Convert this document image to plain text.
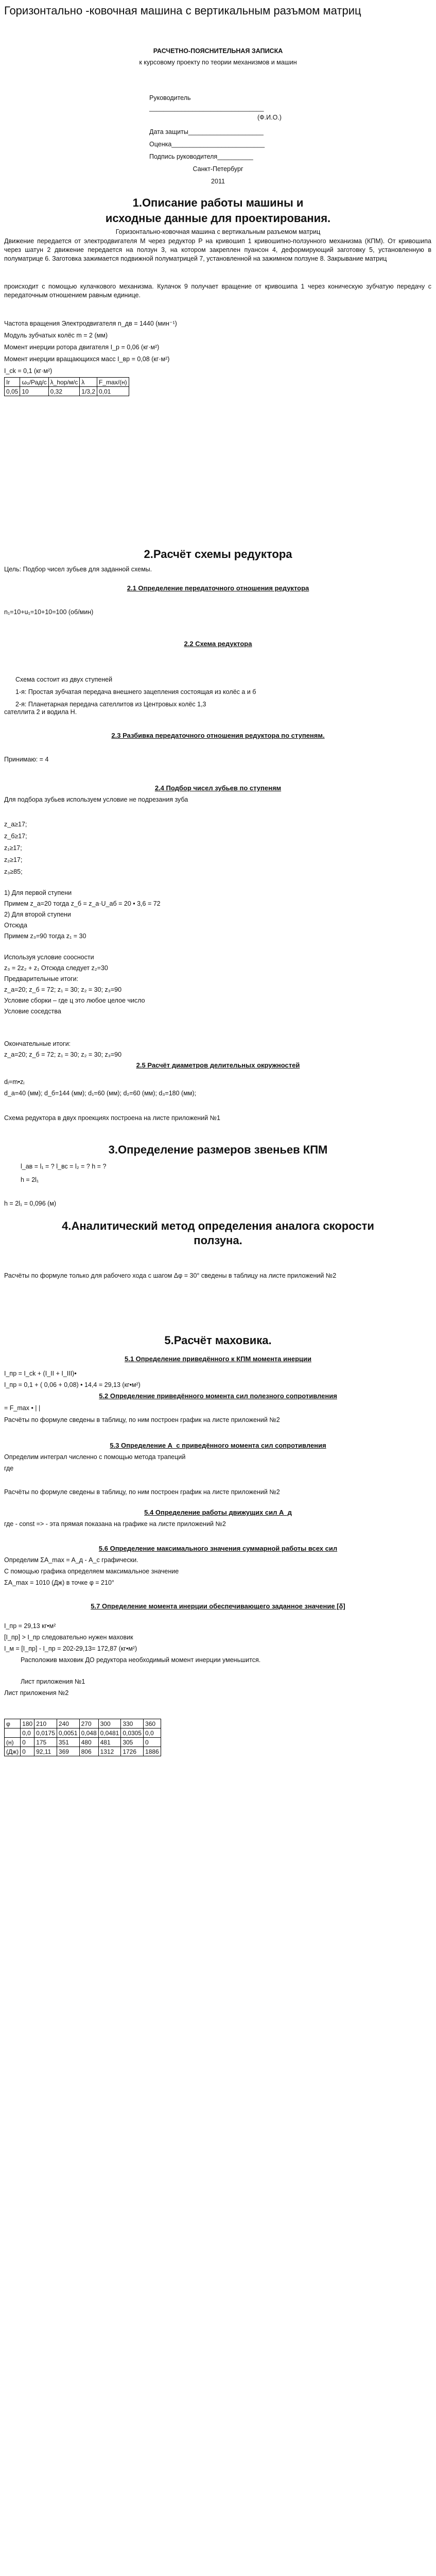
Горизонтально -ковочная машина с вертикальным разъмом матриц
РАСЧЕТНО-ПОЯСНИТЕЛЬНАЯ ЗАПИСКА
к курсовому проекту по теории механизмов и машин
Руководитель
________________________________
(Ф.И.О.)
Дата защиты_____________________
Оценка__________________________
Подпись руководителя__________
Санкт-Петербург
2011
1.Описание работы машины и
исходные данные для проектирования.
Горизонтально-ковочная машина с вертикальным разъемом матриц
Движение передается от электродвигателя М через редуктор Р на кривошип 1 кривошипно-ползунного механизма (КПМ). От кривошипа через шатун 2 движение передается на ползун 3, на котором закреплен пуансон 4, деформирующий заготовку 5, установленную в полуматрице 6. Заготовка зажимается подвижной полуматрицей 7, установленной на зажимном ползуне 8. Закрывание матриц
происходит с помощью кулачкового механизма. Кулачок 9 получает вращение от кривошипа 1 через коническую зубчатую передачу с передаточным отношением равным единице.
Частота вращения Электродвигателя n_дв = 1440 (мин⁻¹)
Модуль зубчатых колёс m = 2 (мм)
Момент инерции ротора двигателя I_р = 0,06 (кг·м²)
Момент инерции вращающихся масс I_вр = 0,08 (кг·м²)
I_ck = 0,1 (кг·м²)
Ir	ω₀/Рад/с	λ_hop/м/с	λ	F_max/(н)
0,05	10	0,32	1/3,2	0,01
2.Расчёт схемы редуктора
Цель: Подбор чисел зубьев для заданной схемы.
2.1 Определение передаточного отношения редуктора
n₁=10+u₁=10+10=100 (об/мин)
2.2 Схема редуктора
Схема состоит из двух ступеней
1-я: Простая зубчатая передача внешнего зацепления состоящая из колёс а и б
2-я: Планетарная передача сателлитов из Центровых колёс 1,3
сателлита 2 и водила Н.
2.3 Разбивка передаточного отношения редуктора по ступеням.
Принимаю: = 4
2.4 Подбор чисел зубьев по ступеням
Для подбора зубьев используем условие не подрезания зуба
z_a≥17;
z_б≥17;
z₁≥17;
z₂≥17;
z₃≥85;
1) Для первой ступени
Примем z_a=20 тогда z_б = z_a·U_аб = 20 • 3,6 = 72
2) Для второй ступени
Отсюда
Примем z₃=90 тогда z₁ = 30
Используя условие соосности
z₃ = 2z₂ + z₁ Отсюда следует z₂=30
Предварительные итоги:
z_a=20; z_б = 72; z₁ = 30; z₂ = 30; z₃=90
Условие сборки – где ц это любое целое число
Условие соседства
Окончательные итоги:
z_a=20; z_б = 72; z₁ = 30; z₂ = 30; z₃=90
2.5 Расчёт диаметров делительных окружностей
dᵢ=m•zᵢ
d_a=40 (мм); d_б=144 (мм); d₁=60 (мм); d₂=60 (мм); d₃=180 (мм);
Схема редуктора в двух проекциях построена на листе приложений №1
3.Определение размеров звеньев КПМ
l_ав = l₁ = ? l_вс = l₂ = ? h = ?
h = 2l₁
h = 2l₁ = 0,096 (м)
4.Аналитический метод определения аналога скорости
ползуна.
Расчёты по формуле только для рабочего хода с шагом Δφ = 30° сведены в таблицу на листе приложений №2
5.Расчёт маховика.
5.1 Определение приведённого к КПМ момента инерции
I_пр = I_ck + (I_II + I_III)•
I_пр = 0,1 + ( 0,06 + 0,08) • 14,4 = 29,13 (кг•м²)
5.2 Определение приведённого момента сил полезного сопротивления
= F_max • | |
Расчёты по формуле сведены в таблицу, по ним построен график на листе приложений №2
5.3 Определение A_с приведённого момента сил сопротивления
Определим интеграл численно с помощью метода трапеций
где
Расчёты по формуле сведены в таблицу, по ним построен график на листе приложений №2
5.4 Определение работы движущих сил A_д
где - const => - эта прямая показана на графике на листе приложений №2
5.6 Определение максимального значения суммарной работы всех сил
Определим ΣA_max = A_д - A_с графически.
С помощью графика определяем максимальное значение
ΣA_max = 1010 (Дж) в точке φ = 210°
5.7 Определение момента инерции обеспечивающего заданное значение [δ]
I_пр = 29,13 кг•м²
[I_пр] > I_пр следовательно нужен маховик
I_м = [I_пр] - I_пр = 202-29,13= 172,87 (кг•м²)
Расположив маховик ДО редуктора необходимый момент инерции уменьшится.
Лист приложения №1
Лист приложения №2
φ	180	210	240	270	300	330	360
	0,0	0,0175	0,0051	0,048	0,0481	0,0305	0,0
(н)	0	175	351	480	481	305	0
(Дж)	0	92,11	369	806	1312	1726	1886
